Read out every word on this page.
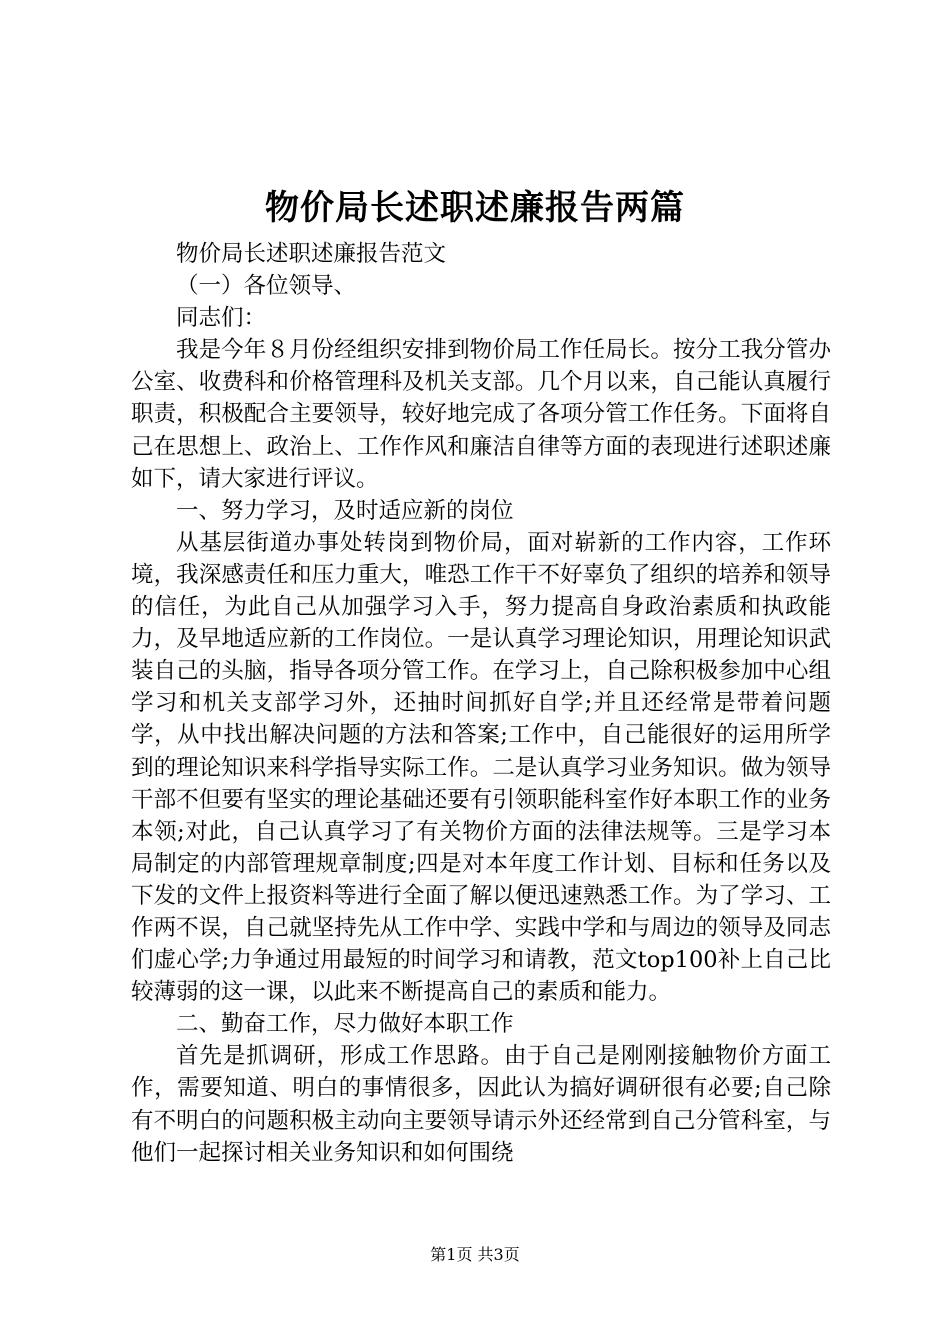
物价局长述职述廉报告两篇

物价局长述职述廉报告范文

（一）各位领导、

同志们：

我是今年８月份经组织安排到物价局工作任局长。按分工我分管办公室、收费科和价格管理科及机关支部。几个月以来，自己能认真履行职责，积极配合主要领导，较好地完成了各项分管工作任务。下面将自己在思想上、政治上、工作作风和廉洁自律等方面的表现进行述职述廉如下，请大家进行评议。

一、努力学习，及时适应新的岗位

从基层街道办事处转岗到物价局，面对崭新的工作内容，工作环境，我深感责任和压力重大，唯恐工作干不好辜负了组织的培养和领导的信任，为此自己从加强学习入手，努力提高自身政治素质和执政能力，及早地适应新的工作岗位。一是认真学习理论知识，用理论知识武装自己的头脑，指导各项分管工作。在学习上，自己除积极参加中心组学习和机关支部学习外，还抽时间抓好自学;并且还经常是带着问题学，从中找出解决问题的方法和答案;工作中，自己能很好的运用所学到的理论知识来科学指导实际工作。二是认真学习业务知识。做为领导干部不但要有坚实的理论基础还要有引领职能科室作好本职工作的业务本领;对此，自己认真学习了有关物价方面的法律法规等。三是学习本局制定的内部管理规章制度;四是对本年度工作计划、目标和任务以及下发的文件上报资料等进行全面了解以便迅速熟悉工作。为了学习、工作两不误，自己就坚持先从工作中学、实践中学和与周边的领导及同志们虚心学;力争通过用最短的时间学习和请教，范文top100补上自己比较薄弱的这一课，以此来不断提高自己的素质和能力。

二、勤奋工作，尽力做好本职工作

首先是抓调研，形成工作思路。由于自己是刚刚接触物价方面工作，需要知道、明白的事情很多，因此认为搞好调研很有必要;自己除有不明白的问题积极主动向主要领导请示外还经常到自己分管科室，与他们一起探讨相关业务知识和如何围绕

第1页 共3页
